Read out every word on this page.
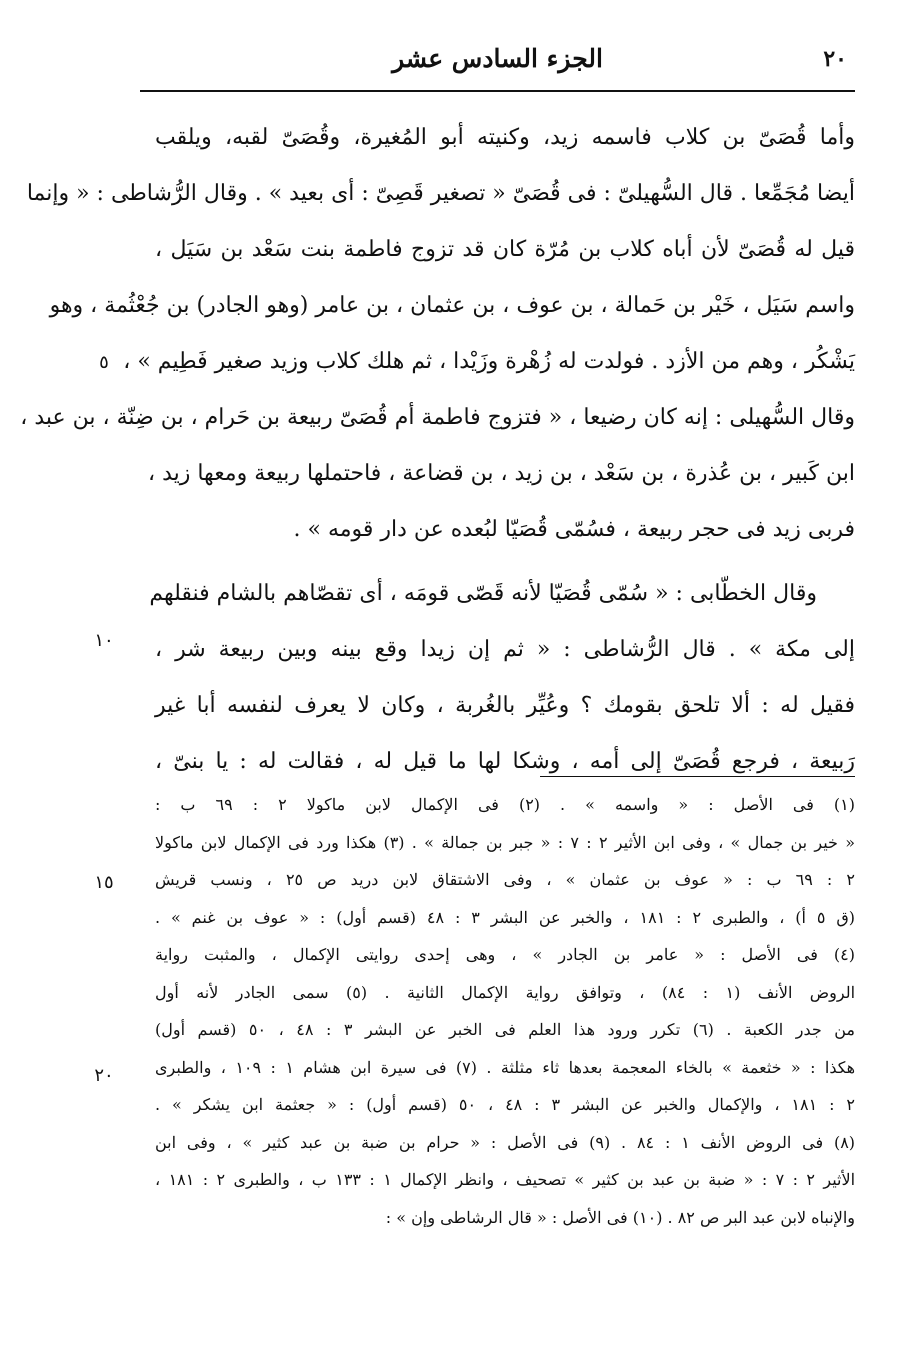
الجزء السادس عشر	٢٠
وأما قُصَىّ بن كلاب فاسمه زيد، وكنيته أبو المُغيرة، وقُصَىّ لقبه، ويلقب
أيضا مُجَمِّعا . قال السُّهيلىّ : فى قُصَىّ « تصغير قَصِىّ : أى بعيد » . وقال الرُّشاطى : « وإنما
قيل له قُصَىّ لأن أباه كلاب بن مُرّة كان قد تزوج فاطمة بنت سَعْد بن سَيَل ،
واسم سَيَل ، خَيْر بن حَمالة ، بن عوف ، بن عثمان ، بن عامر (وهو الجادر) بن جُعْثُمة ، وهو
يَشْكُر ، وهم من الأزد . فولدت له زُهْرة وزَيْدا ، ثم هلك كلاب وزيد صغير فَطِيم » ،
وقال السُّهيلى : إنه كان رضيعا ، « فتزوج فاطمة أم قُصَىّ ربيعة بن حَرام ، بن ضِنّة ، بن عبد ،
ابن كَبير ، بن عُذرة ، بن سَعْد ، بن زيد ، بن قضاعة ، فاحتملها ربيعة ومعها زيد ،
فربى زيد فى حجر ربيعة ، فسُمّى قُصَيّا لبُعده عن دار قومه » .
وقال الخطّابى : « سُمّى قُصَيّا لأنه قَصّى قومَه ، أى تقصّاهم بالشام فنقلهم
إلى مكة » . قال الرُّشاطى : « ثم إن زيدا وقع بينه وبين ربيعة شر ،
فقيل له : ألا تلحق بقومك ؟ وعُيِّر بالغُربة ، وكان لا يعرف لنفسه أبا غير
رَبيعة ، فرجع قُصَىّ إلى أمه ، وشكا لها ما قيل له ، فقالت له : يا بنىّ ،
(١) فى الأصل : « واسمه » . (٢) فى الإكمال لابن ماكولا ٢ : ٦٩ ب :
« خير بن جمال » ، وفى ابن الأثير ٢ : ٧ : « جبر بن جمالة » . (٣) هكذا ورد فى الإكمال لابن ماكولا
٢ : ٦٩ ب : « عوف بن عثمان » ، وفى الاشتقاق لابن دريد ص ٢٥ ، ونسب قريش
(ق ٥ أ) ، والطبرى ٢ : ١٨١ ، والخبر عن البشر ٣ : ٤٨ (قسم أول) : « عوف بن غنم » .
(٤) فى الأصل : « عامر بن الجادر » ، وهى إحدى روايتى الإكمال ، والمثبت رواية
الروض الأنف (١ : ٨٤) ، وتوافق رواية الإكمال الثانية . (٥) سمى الجادر لأنه أول
من جدر الكعبة . (٦) تكرر ورود هذا العلم فى الخبر عن البشر ٣ : ٤٨ ، ٥٠ (قسم أول)
هكذا : « خثعمة » بالخاء المعجمة بعدها ثاء مثلثة . (٧) فى سيرة ابن هشام ١ : ١٠٩ ، والطبرى
٢ : ١٨١ ، والإكمال والخبر عن البشر ٣ : ٤٨ ، ٥٠ (قسم أول) : « جعثمة ابن يشكر » .
(٨) فى الروض الأنف ١ : ٨٤ . (٩) فى الأصل : « حرام بن ضبة بن عبد كثير » ، وفى ابن
الأثير ٢ : ٧ : « ضبة بن عبد بن كثير » تصحيف ، وانظر الإكمال ١ : ١٣٣ ب ، والطبرى ٢ : ١٨١ ،
والإنباه لابن عبد البر ص ٨٢ . (١٠) فى الأصل : « قال الرشاطى وإن » :
٥
١٠
١٥
٢٠
